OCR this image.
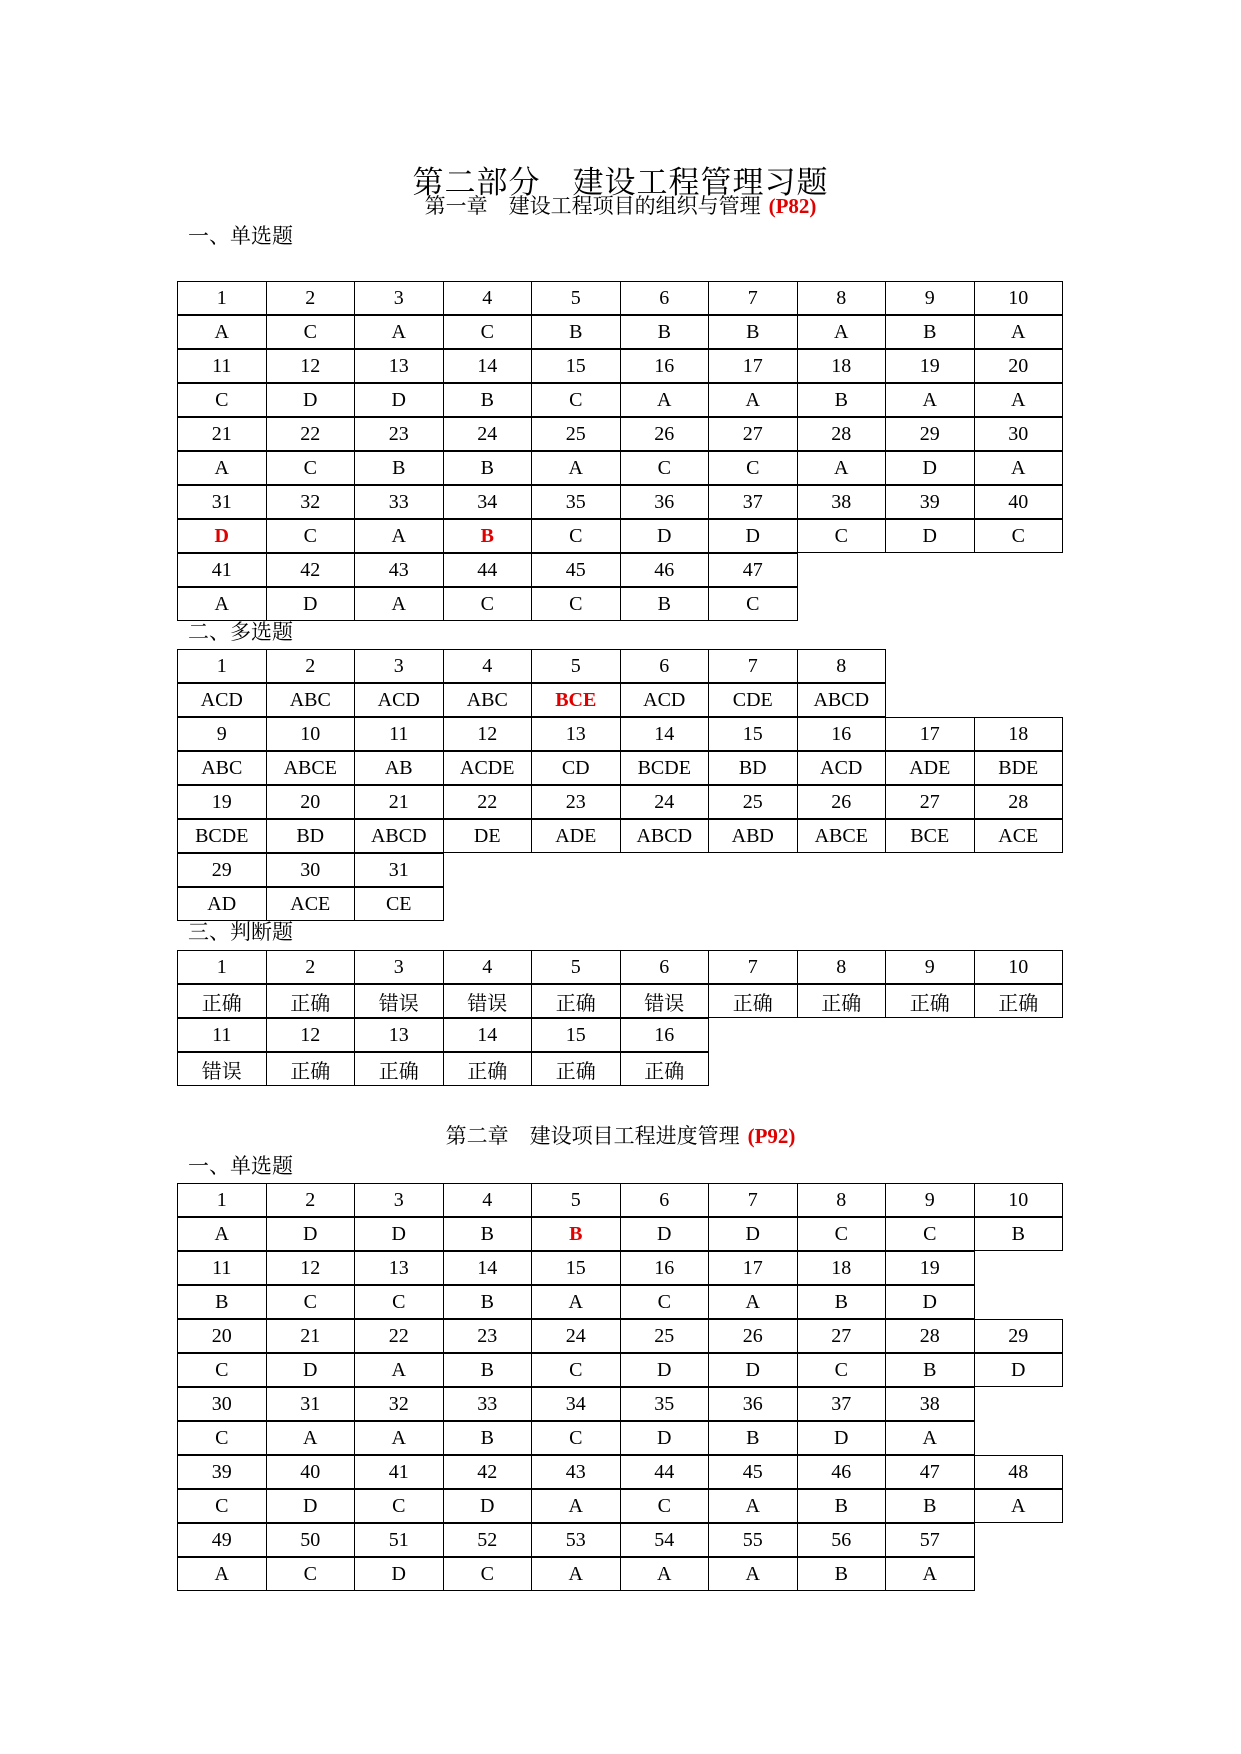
第二部分　建设工程管理习题
第一章　建设工程项目的组织与管理 (P82)
一、单选题
1	2	3	4	5	6	7	8	9	10
A	C	A	C	B	B	B	A	B	A
11	12	13	14	15	16	17	18	19	20
C	D	D	B	C	A	A	B	A	A
21	22	23	24	25	26	27	28	29	30
A	C	B	B	A	C	C	A	D	A
31	32	33	34	35	36	37	38	39	40
D	C	A	B	C	D	D	C	D	C
41	42	43	44	45	46	47
A	D	A	C	C	B	C
二、多选题
1	2	3	4	5	6	7	8
ACD	ABC	ACD	ABC	BCE	ACD	CDE	ABCD
9	10	11	12	13	14	15	16	17	18
ABC	ABCE	AB	ACDE	CD	BCDE	BD	ACD	ADE	BDE
19	20	21	22	23	24	25	26	27	28
BCDE	BD	ABCD	DE	ADE	ABCD	ABD	ABCE	BCE	ACE
29	30	31
AD	ACE	CE
三、判断题
1	2	3	4	5	6	7	8	9	10
正确	正确	错误	错误	正确	错误	正确	正确	正确	正确
11	12	13	14	15	16
错误	正确	正确	正确	正确	正确
第二章　建设项目工程进度管理 (P92)
一、单选题
1	2	3	4	5	6	7	8	9	10
A	D	D	B	B	D	D	C	C	B
11	12	13	14	15	16	17	18	19
B	C	C	B	A	C	A	B	D
20	21	22	23	24	25	26	27	28	29
C	D	A	B	C	D	D	C	B	D
30	31	32	33	34	35	36	37	38
C	A	A	B	C	D	B	D	A
39	40	41	42	43	44	45	46	47	48
C	D	C	D	A	C	A	B	B	A
49	50	51	52	53	54	55	56	57
A	C	D	C	A	A	A	B	A
